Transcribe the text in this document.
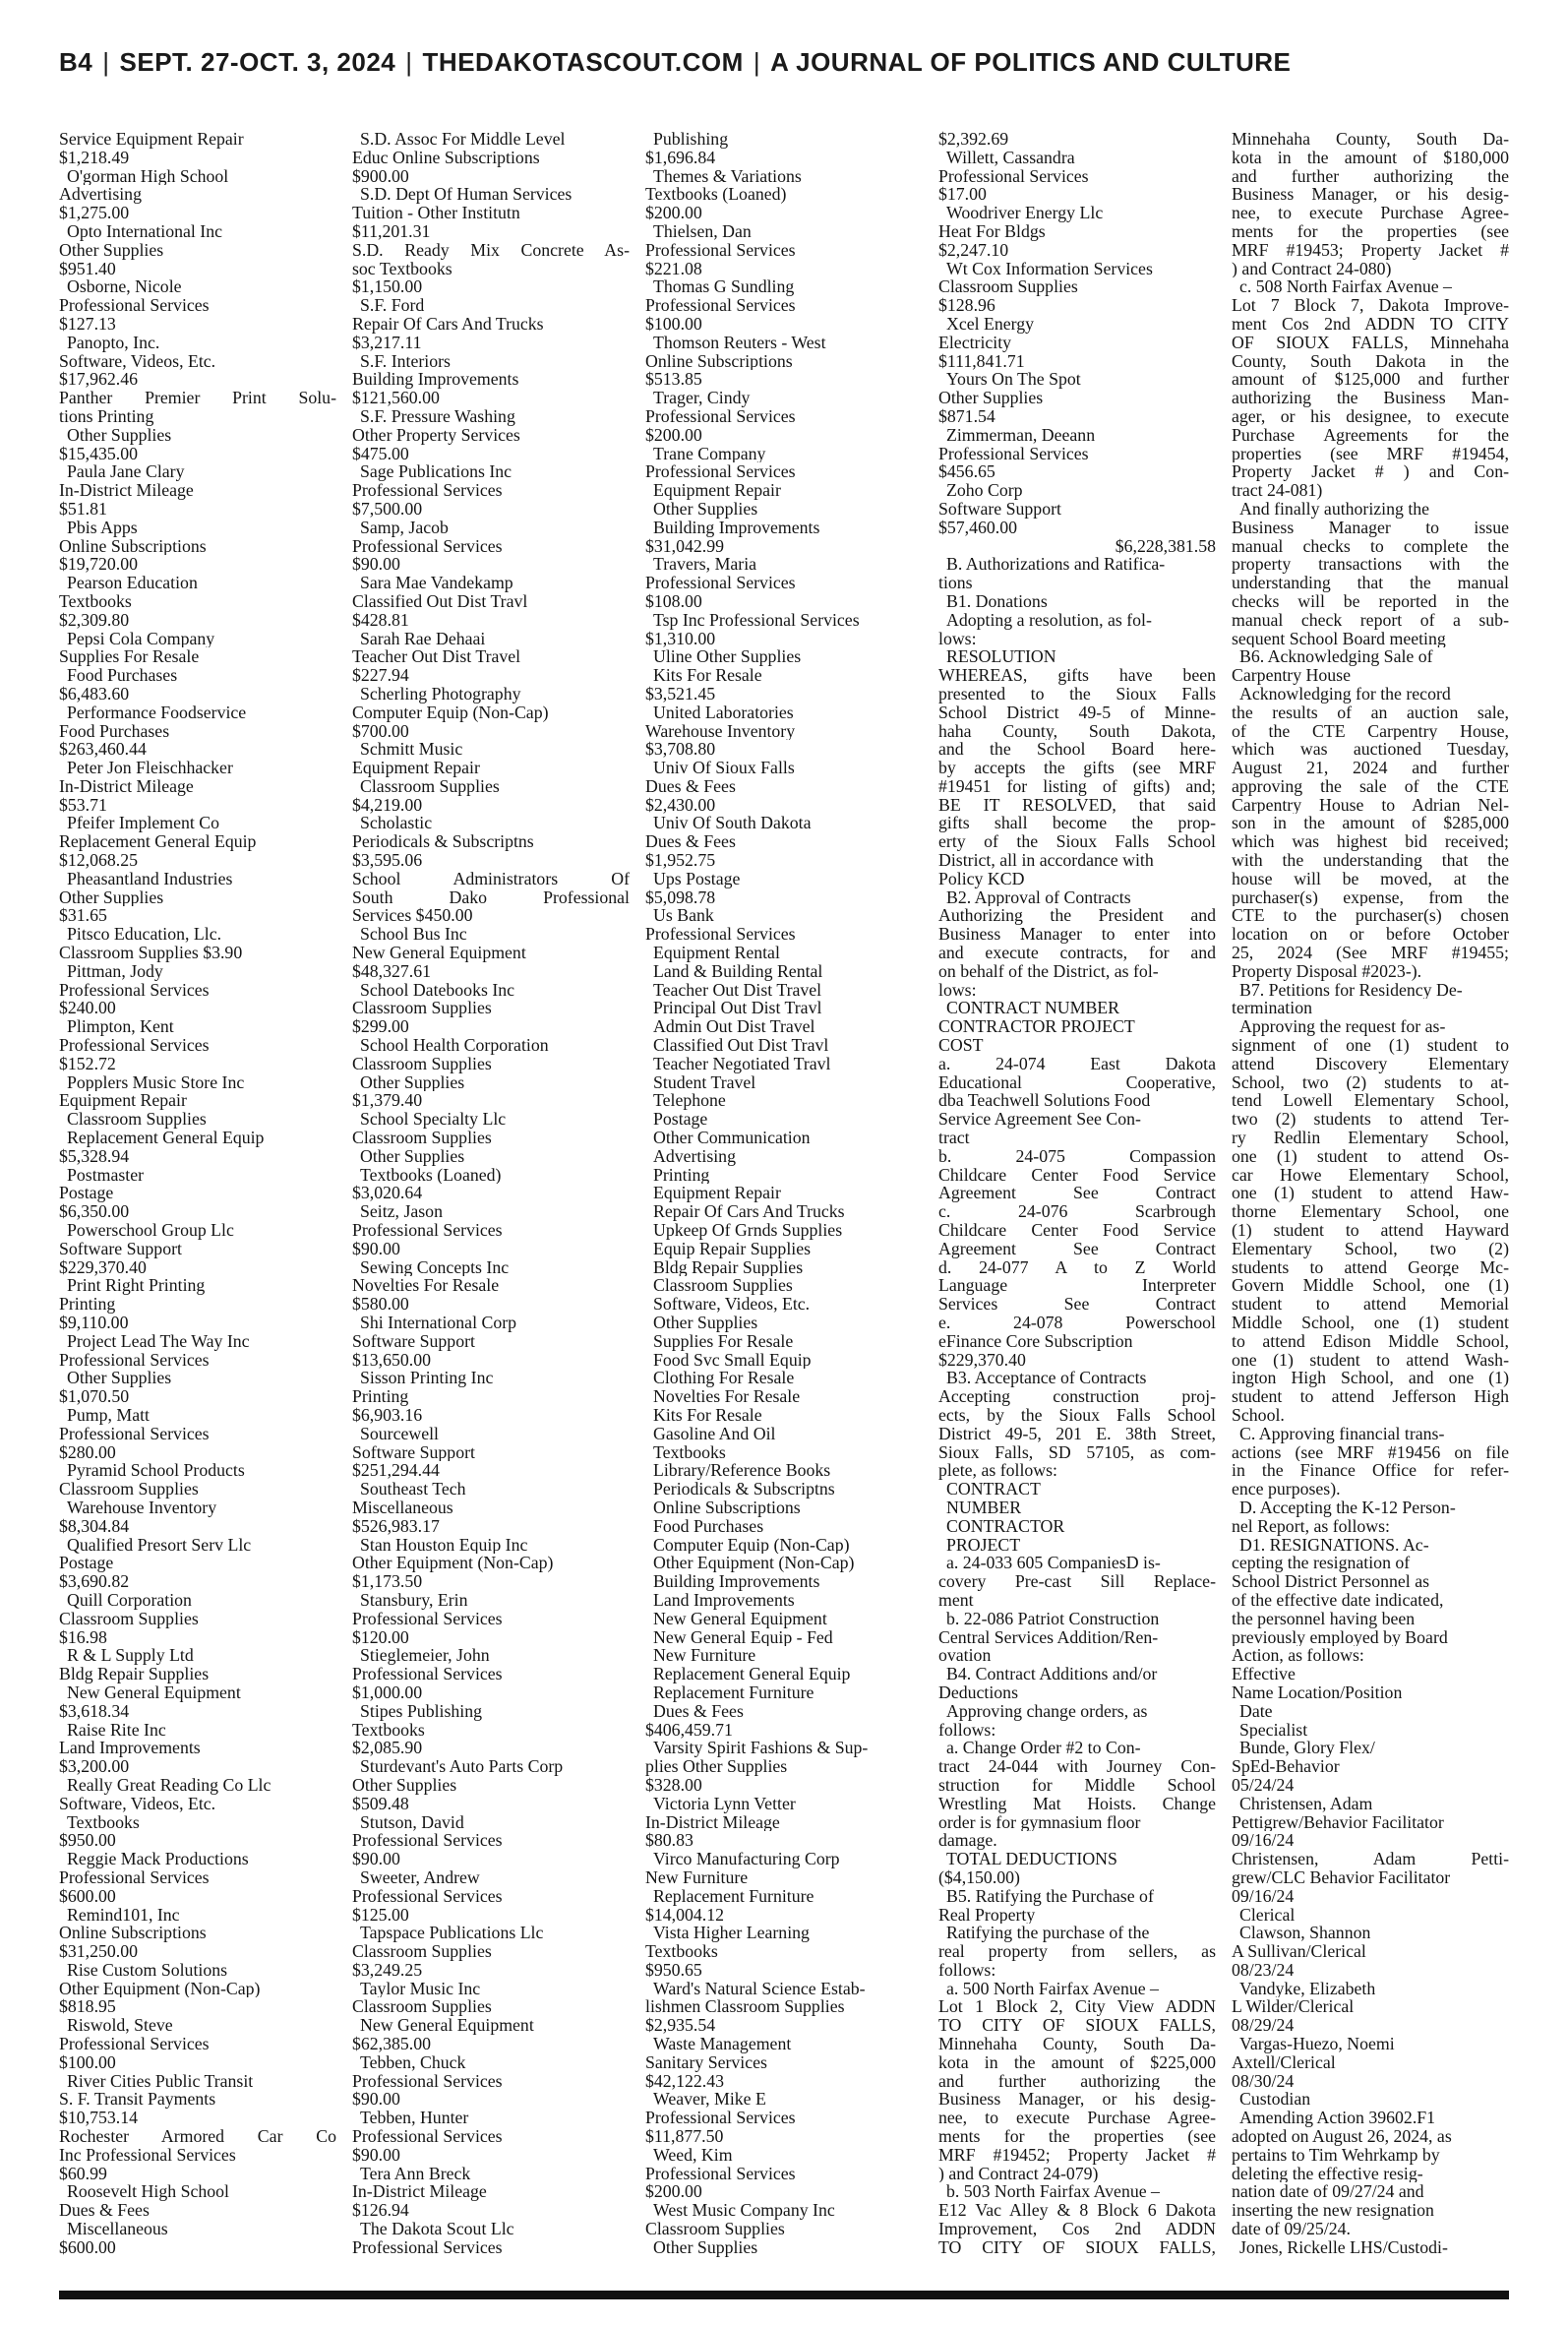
B4 | SEPT. 27-OCT. 3, 2024 | THEDAKOTASCOUT.COM | A JOURNAL OF POLITICS AND CULTURE
Service Equipment Repair
$1,218.49
O'gorman High School
Advertising
$1,275.00
Opto International Inc
Other Supplies
$951.40
Osborne, Nicole
Professional Services
$127.13
Panopto, Inc.
Software, Videos, Etc.
$17,962.46
Panther Premier Print Solu-
tions Printing
Other Supplies
$15,435.00
Paula Jane Clary
In-District Mileage
$51.81
Pbis Apps
Online Subscriptions
$19,720.00
Pearson Education
Textbooks
$2,309.80
Pepsi Cola Company
Supplies For Resale
Food Purchases
$6,483.60
Performance Foodservice
Food Purchases
$263,460.44
Peter Jon Fleischhacker
In-District Mileage
$53.71
Pfeifer Implement Co
Replacement General Equip
$12,068.25
Pheasantland Industries
Other Supplies
$31.65
Pitsco Education, Llc.
Classroom Supplies $3.90
Pittman, Jody
Professional Services
$240.00
Plimpton, Kent
Professional Services
$152.72
Popplers Music Store Inc
Equipment Repair
Classroom Supplies
Replacement General Equip
$5,328.94
Postmaster
Postage
$6,350.00
Powerschool Group Llc
Software Support
$229,370.40
Print Right Printing
Printing
$9,110.00
Project Lead The Way Inc
Professional Services
Other Supplies
$1,070.50
Pump, Matt
Professional Services
$280.00
Pyramid School Products
Classroom Supplies
Warehouse Inventory
$8,304.84
Qualified Presort Serv Llc
Postage
$3,690.82
Quill Corporation
Classroom Supplies
$16.98
R & L Supply Ltd
Bldg Repair Supplies
New General Equipment
$3,618.34
Raise Rite Inc
Land Improvements
$3,200.00
Really Great Reading Co Llc
Software, Videos, Etc.
Textbooks
$950.00
Reggie Mack Productions
Professional Services
$600.00
Remind101, Inc
Online Subscriptions
$31,250.00
Rise Custom Solutions
Other Equipment (Non-Cap)
$818.95
Riswold, Steve
Professional Services
$100.00
River Cities Public Transit
S. F. Transit Payments
$10,753.14
Rochester Armored Car Co
Inc Professional Services
$60.99
Roosevelt High School
Dues & Fees
Miscellaneous
$600.00
S.D. Assoc For Middle Level
Educ Online Subscriptions
$900.00
S.D. Dept Of Human Services
Tuition - Other Institutn
$11,201.31
S.D. Ready Mix Concrete As-
soc Textbooks
$1,150.00
S.F. Ford
Repair Of Cars And Trucks
$3,217.11
S.F. Interiors
Building Improvements
$121,560.00
S.F. Pressure Washing
Other Property Services
$475.00
Sage Publications Inc
Professional Services
$7,500.00
Samp, Jacob
Professional Services
$90.00
Sara Mae Vandekamp
Classified Out Dist Travl
$428.81
Sarah Rae Dehaai
Teacher Out Dist Travel
$227.94
Scherling Photography
Computer Equip (Non-Cap)
$700.00
Schmitt Music
Equipment Repair
Classroom Supplies
$4,219.00
Scholastic
Periodicals & Subscriptns
$3,595.06
School Administrators Of
South Dako Professional
Services $450.00
School Bus Inc
New General Equipment
$48,327.61
School Datebooks Inc
Classroom Supplies
$299.00
School Health Corporation
Classroom Supplies
Other Supplies
$1,379.40
School Specialty Llc
Classroom Supplies
Other Supplies
Textbooks (Loaned)
$3,020.64
Seitz, Jason
Professional Services
$90.00
Sewing Concepts Inc
Novelties For Resale
$580.00
Shi International Corp
Software Support
$13,650.00
Sisson Printing Inc
Printing
$6,903.16
Sourcewell
Software Support
$251,294.44
Southeast Tech
Miscellaneous
$526,983.17
Stan Houston Equip Inc
Other Equipment (Non-Cap)
$1,173.50
Stansbury, Erin
Professional Services
$120.00
Stieglemeier, John
Professional Services
$1,000.00
Stipes Publishing
Textbooks
$2,085.90
Sturdevant's Auto Parts Corp
Other Supplies
$509.48
Stutson, David
Professional Services
$90.00
Sweeter, Andrew
Professional Services
$125.00
Tapspace Publications Llc
Classroom Supplies
$3,249.25
Taylor Music Inc
Classroom Supplies
New General Equipment
$62,385.00
Tebben, Chuck
Professional Services
$90.00
Tebben, Hunter
Professional Services
$90.00
Tera Ann Breck
In-District Mileage
$126.94
The Dakota Scout Llc
Professional Services
Publishing
$1,696.84
Themes & Variations
Textbooks (Loaned)
$200.00
Thielsen, Dan
Professional Services
$221.08
Thomas G Sundling
Professional Services
$100.00
Thomson Reuters - West
Online Subscriptions
$513.85
Trager, Cindy
Professional Services
$200.00
Trane Company
Professional Services
Equipment Repair
Other Supplies
Building Improvements
$31,042.99
Travers, Maria
Professional Services
$108.00
Tsp Inc Professional Services
$1,310.00
Uline Other Supplies
Kits For Resale
$3,521.45
United Laboratories
Warehouse Inventory
$3,708.80
Univ Of Sioux Falls
Dues & Fees
$2,430.00
Univ Of South Dakota
Dues & Fees
$1,952.75
Ups Postage
$5,098.78
Us Bank
Professional Services
Equipment Rental
Land & Building Rental
Teacher Out Dist Travel
Principal Out Dist Travl
Admin Out Dist Travel
Classified Out Dist Travl
Teacher Negotiated Travl
Student Travel
Telephone
Postage
Other Communication
Advertising
Printing
Equipment Repair
Repair Of Cars And Trucks
Upkeep Of Grnds Supplies
Equip Repair Supplies
Bldg Repair Supplies
Classroom Supplies
Software, Videos, Etc.
Other Supplies
Supplies For Resale
Food Svc Small Equip
Clothing For Resale
Novelties For Resale
Kits For Resale
Gasoline And Oil
Textbooks
Library/Reference Books
Periodicals & Subscriptns
Online Subscriptions
Food Purchases
Computer Equip (Non-Cap)
Other Equipment (Non-Cap)
Building Improvements
Land Improvements
New General Equipment
New General Equip - Fed
New Furniture
Replacement General Equip
Replacement Furniture
Dues & Fees
$406,459.71
Varsity Spirit Fashions & Sup-
plies Other Supplies
$328.00
Victoria Lynn Vetter
In-District Mileage
$80.83
Virco Manufacturing Corp
New Furniture
Replacement Furniture
$14,004.12
Vista Higher Learning
Textbooks
$950.65
Ward's Natural Science Estab-
lishmen Classroom Supplies
$2,935.54
Waste Management
Sanitary Services
$42,122.43
Weaver, Mike E
Professional Services
$11,877.50
Weed, Kim
Professional Services
$200.00
West Music Company Inc
Classroom Supplies
Other Supplies
$2,392.69
Willett, Cassandra
Professional Services
$17.00
Woodriver Energy Llc
Heat For Bldgs
$2,247.10
Wt Cox Information Services
Classroom Supplies
$128.96
Xcel Energy
Electricity
$111,841.71
Yours On The Spot
Other Supplies
$871.54
Zimmerman, Deeann
Professional Services
$456.65
Zoho Corp
Software Support
$57,460.00
$6,228,381.58
B. Authorizations and Ratifica-
tions
B1. Donations
Adopting a resolution, as fol-
lows:
RESOLUTION
WHEREAS, gifts have been
presented to the Sioux Falls
School District 49-5 of Minne-
haha County, South Dakota,
and the School Board here-
by accepts the gifts (see MRF
#19451 for listing of gifts) and;
BE IT RESOLVED, that said
gifts shall become the prop-
erty of the Sioux Falls School
District, all in accordance with
Policy KCD
B2. Approval of Contracts
Authorizing the President and
Business Manager to enter into
and execute contracts, for and
on behalf of the District, as fol-
lows:
CONTRACT NUMBER
CONTRACTOR PROJECT
COST
a. 24-074 East Dakota
Educational Cooperative,
dba Teachwell Solutions Food
Service Agreement See Con-
tract
b. 24-075 Compassion
Childcare Center Food Service
Agreement See Contract
c. 24-076 Scarbrough
Childcare Center Food Service
Agreement See Contract
d. 24-077 A to Z World
Language Interpreter
Services See Contract
e. 24-078 Powerschool
eFinance Core Subscription
$229,370.40
B3. Acceptance of Contracts
Accepting construction proj-
ects, by the Sioux Falls School
District 49-5, 201 E. 38th Street,
Sioux Falls, SD 57105, as com-
plete, as follows:
CONTRACT
NUMBER
CONTRACTOR
PROJECT
a. 24-033 605 CompaniesD is-
covery Pre-cast Sill Replace-
ment
b. 22-086 Patriot Construction
Central Services Addition/Ren-
ovation
B4. Contract Additions and/or
Deductions
Approving change orders, as
follows:
a. Change Order #2 to Con-
tract 24-044 with Journey Con-
struction for Middle School
Wrestling Mat Hoists. Change
order is for gymnasium floor
damage.
TOTAL DEDUCTIONS
($4,150.00)
B5. Ratifying the Purchase of
Real Property
Ratifying the purchase of the
real property from sellers, as
follows:
a. 500 North Fairfax Avenue –
Lot 1 Block 2, City View ADDN
TO CITY OF SIOUX FALLS,
Minnehaha County, South Da-
kota in the amount of $225,000
and further authorizing the
Business Manager, or his desig-
nee, to execute Purchase Agree-
ments for the properties (see
MRF #19452; Property Jacket #
) and Contract 24-079)
b. 503 North Fairfax Avenue –
E12 Vac Alley & 8 Block 6 Dakota
Improvement, Cos 2nd ADDN
TO CITY OF SIOUX FALLS,
Minnehaha County, South Da-
kota in the amount of $180,000
and further authorizing the
Business Manager, or his desig-
nee, to execute Purchase Agree-
ments for the properties (see
MRF #19453; Property Jacket #
) and Contract 24-080)
c. 508 North Fairfax Avenue –
Lot 7 Block 7, Dakota Improve-
ment Cos 2nd ADDN TO CITY
OF SIOUX FALLS, Minnehaha
County, South Dakota in the
amount of $125,000 and further
authorizing the Business Man-
ager, or his designee, to execute
Purchase Agreements for the
properties (see MRF #19454,
Property Jacket # ) and Con-
tract 24-081)
And finally authorizing the
Business Manager to issue
manual checks to complete the
property transactions with the
understanding that the manual
checks will be reported in the
manual check report of a sub-
sequent School Board meeting
B6. Acknowledging Sale of
Carpentry House
Acknowledging for the record
the results of an auction sale,
of the CTE Carpentry House,
which was auctioned Tuesday,
August 21, 2024 and further
approving the sale of the CTE
Carpentry House to Adrian Nel-
son in the amount of $285,000
which was highest bid received;
with the understanding that the
house will be moved, at the
purchaser(s) expense, from the
CTE to the purchaser(s) chosen
location on or before October
25, 2024 (See MRF #19455;
Property Disposal #2023-).
B7. Petitions for Residency De-
termination
Approving the request for as-
signment of one (1) student to
attend Discovery Elementary
School, two (2) students to at-
tend Lowell Elementary School,
two (2) students to attend Ter-
ry Redlin Elementary School,
one (1) student to attend Os-
car Howe Elementary School,
one (1) student to attend Haw-
thorne Elementary School, one
(1) student to attend Hayward
Elementary School, two (2)
students to attend George Mc-
Govern Middle School, one (1)
student to attend Memorial
Middle School, one (1) student
to attend Edison Middle School,
one (1) student to attend Wash-
ington High School, and one (1)
student to attend Jefferson High
School.
C. Approving financial trans-
actions (see MRF #19456 on file
in the Finance Office for refer-
ence purposes).
D. Accepting the K-12 Person-
nel Report, as follows:
D1. RESIGNATIONS. Ac-
cepting the resignation of
School District Personnel as
of the effective date indicated,
the personnel having been
previously employed by Board
Action, as follows:
Effective
Name Location/Position
Date
Specialist
Bunde, Glory Flex/
SpEd-Behavior
05/24/24
Christensen, Adam
Pettigrew/Behavior Facilitator
09/16/24
Christensen, Adam Petti-
grew/CLC Behavior Facilitator
09/16/24
Clerical
Clawson, Shannon
A Sullivan/Clerical
08/23/24
Vandyke, Elizabeth
L Wilder/Clerical
08/29/24
Vargas-Huezo, Noemi
Axtell/Clerical
08/30/24
Custodian
Amending Action 39602.F1
adopted on August 26, 2024, as
pertains to Tim Wehrkamp by
deleting the effective resig-
nation date of 09/27/24 and
inserting the new resignation
date of 09/25/24.
Jones, Rickelle LHS/Custodi-
